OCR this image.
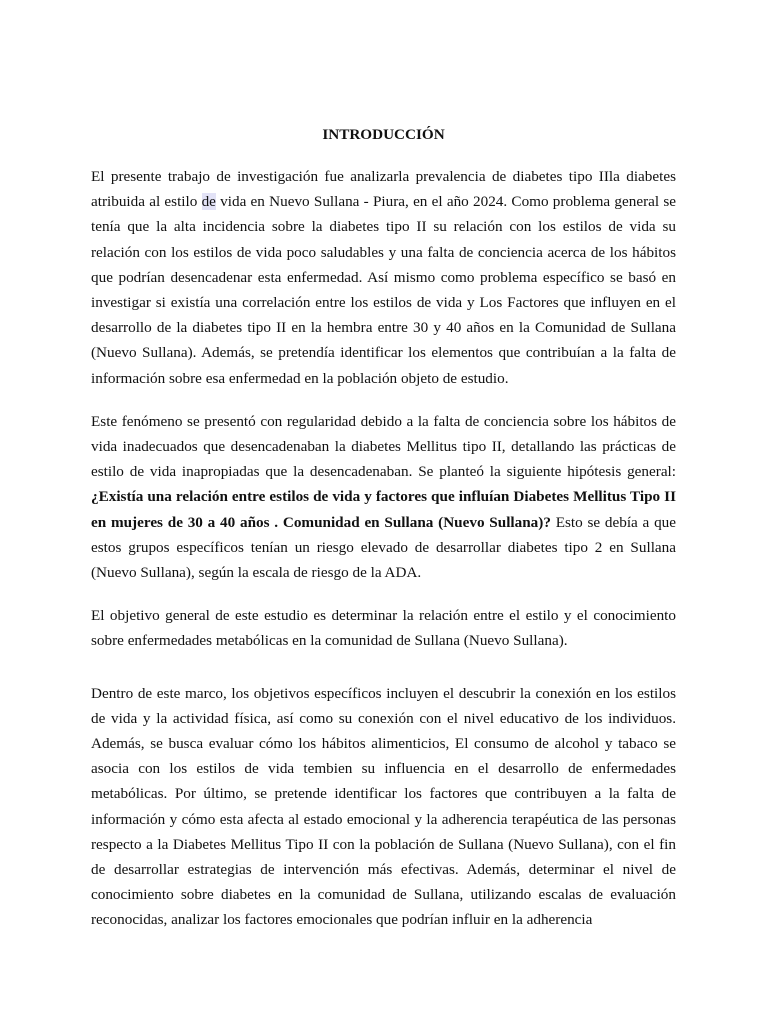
INTRODUCCIÓN

El presente trabajo de investigación fue analizarla prevalencia de diabetes tipo IIla diabetes atribuida al estilo de vida en Nuevo Sullana - Piura, en el año 2024. Como problema general se tenía que la alta incidencia sobre la diabetes tipo II su relación con los estilos de vida su relación con los estilos de vida poco saludables y una falta de conciencia acerca de los hábitos que podrían desencadenar esta enfermedad. Así mismo como problema específico se basó en investigar si existía una correlación entre los estilos de vida y Los Factores que influyen en el desarrollo de la diabetes tipo II en la hembra entre 30 y 40 años en la Comunidad de Sullana (Nuevo Sullana). Además, se pretendía identificar los elementos que contribuían a la falta de información sobre esa enfermedad en la población objeto de estudio.

Este fenómeno se presentó con regularidad debido a la falta de conciencia sobre los hábitos de vida inadecuados que desencadenaban la diabetes Mellitus tipo II, detallando las prácticas de estilo de vida inapropiadas que la desencadenaban. Se planteó la siguiente hipótesis general: ¿Existía una relación entre estilos de vida y factores que influían Diabetes Mellitus Tipo II en mujeres de 30 a 40 años . Comunidad en Sullana (Nuevo Sullana)? Esto se debía a que estos grupos específicos tenían un riesgo elevado de desarrollar diabetes tipo 2 en Sullana (Nuevo Sullana), según la escala de riesgo de la ADA.

El objetivo general de este estudio es determinar la relación entre el estilo y el conocimiento sobre enfermedades metabólicas en la comunidad de Sullana (Nuevo Sullana).

Dentro de este marco, los objetivos específicos incluyen el descubrir la conexión en los estilos de vida y la actividad física, así como su conexión con el nivel educativo de los individuos. Además, se busca evaluar cómo los hábitos alimenticios, El consumo de alcohol y tabaco se asocia con los estilos de vida tembien su influencia en el desarrollo de enfermedades metabólicas. Por último, se pretende identificar los factores que contribuyen a la falta de información y cómo esta afecta al estado emocional y la adherencia terapéutica de las personas respecto a la Diabetes Mellitus Tipo II con la población de Sullana (Nuevo Sullana), con el fin de desarrollar estrategias de intervención más efectivas. Además, determinar el nivel de conocimiento sobre diabetes en la comunidad de Sullana, utilizando escalas de evaluación reconocidas, analizar los factores emocionales que podrían influir en la adherencia
